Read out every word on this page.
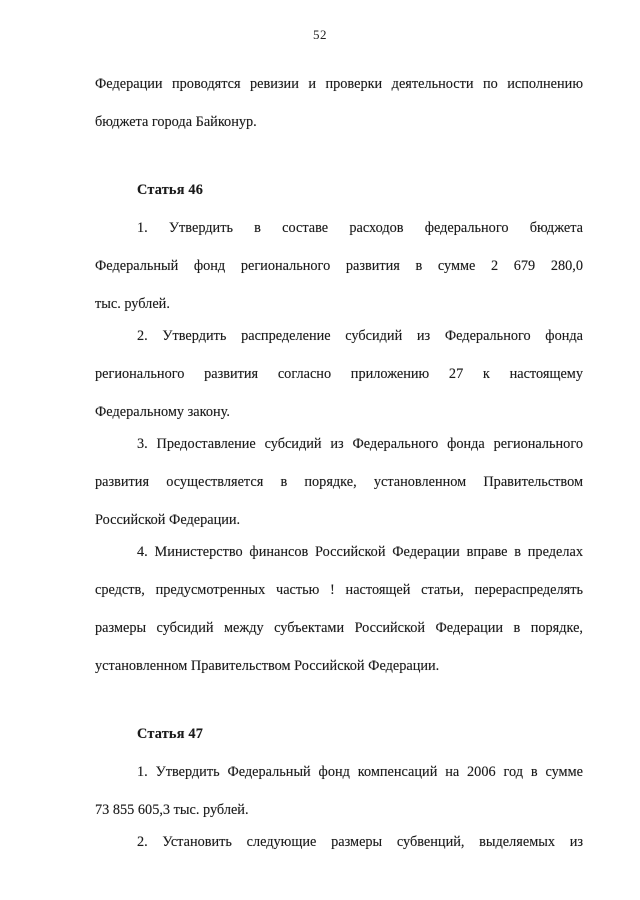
52
Федерации проводятся ревизии и проверки деятельности по исполнению
бюджета города Байконур.
Статья 46
1. Утвердить в составе расходов федерального бюджета
Федеральный фонд регионального развития в сумме 2 679 280,0
тыс. рублей.
2. Утвердить распределение субсидий из Федерального фонда
регионального развития согласно приложению 27 к настоящему
Федеральному закону.
3. Предоставление субсидий из Федерального фонда регионального
развития осуществляется в порядке, установленном Правительством
Российской Федерации.
4. Министерство финансов Российской Федерации вправе в пределах
средств, предусмотренных частью ! настоящей статьи, перераспределять
размеры субсидий между субъектами Российской Федерации в порядке,
установленном Правительством Российской Федерации.
Статья 47
1. Утвердить Федеральный фонд компенсаций на 2006 год в сумме
73 855 605,3 тыс. рублей.
2. Установить следующие размеры субвенций, выделяемых из
